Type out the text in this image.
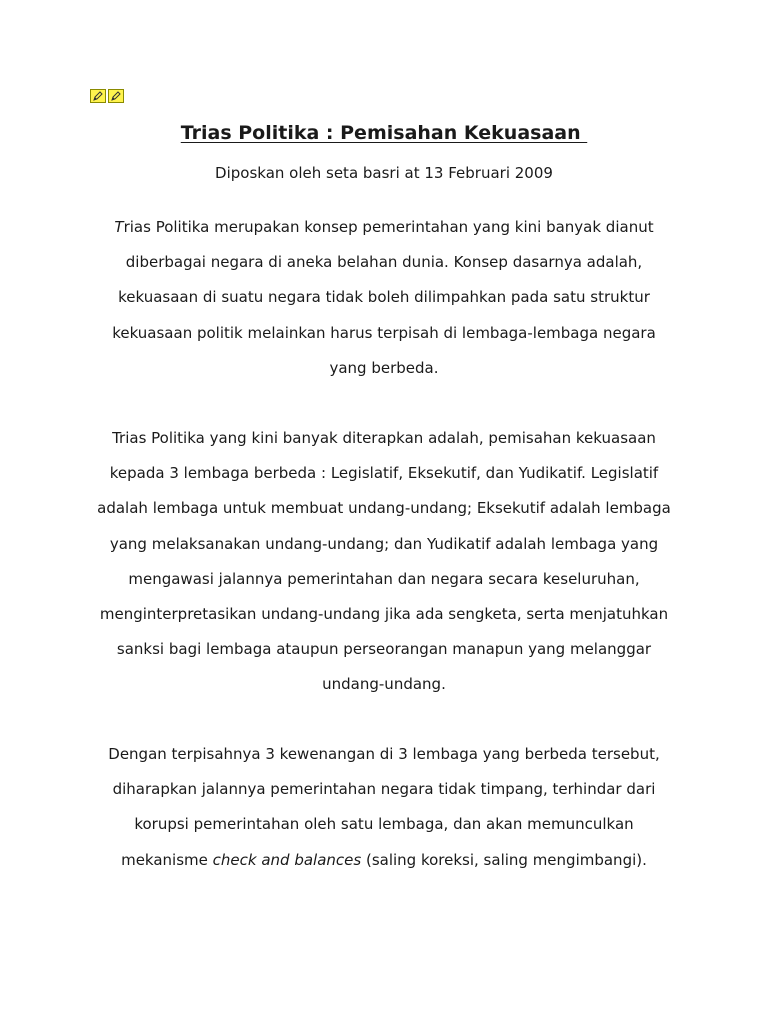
Trias Politika : Pemisahan Kekuasaan
Diposkan oleh seta basri at 13 Februari 2009
Trias Politika merupakan konsep pemerintahan yang kini banyak dianut
diberbagai negara di aneka belahan dunia. Konsep dasarnya adalah,
kekuasaan di suatu negara tidak boleh dilimpahkan pada satu struktur
kekuasaan politik melainkan harus terpisah di lembaga-lembaga negara
yang berbeda.
Trias Politika yang kini banyak diterapkan adalah, pemisahan kekuasaan
kepada 3 lembaga berbeda : Legislatif, Eksekutif, dan Yudikatif. Legislatif
adalah lembaga untuk membuat undang-undang; Eksekutif adalah lembaga
yang melaksanakan undang-undang; dan Yudikatif adalah lembaga yang
mengawasi jalannya pemerintahan dan negara secara keseluruhan,
menginterpretasikan undang-undang jika ada sengketa, serta menjatuhkan
sanksi bagi lembaga ataupun perseorangan manapun yang melanggar
undang-undang.
Dengan terpisahnya 3 kewenangan di 3 lembaga yang berbeda tersebut,
diharapkan jalannya pemerintahan negara tidak timpang, terhindar dari
korupsi pemerintahan oleh satu lembaga, dan akan memunculkan
mekanisme check and balances (saling koreksi, saling mengimbangi).
